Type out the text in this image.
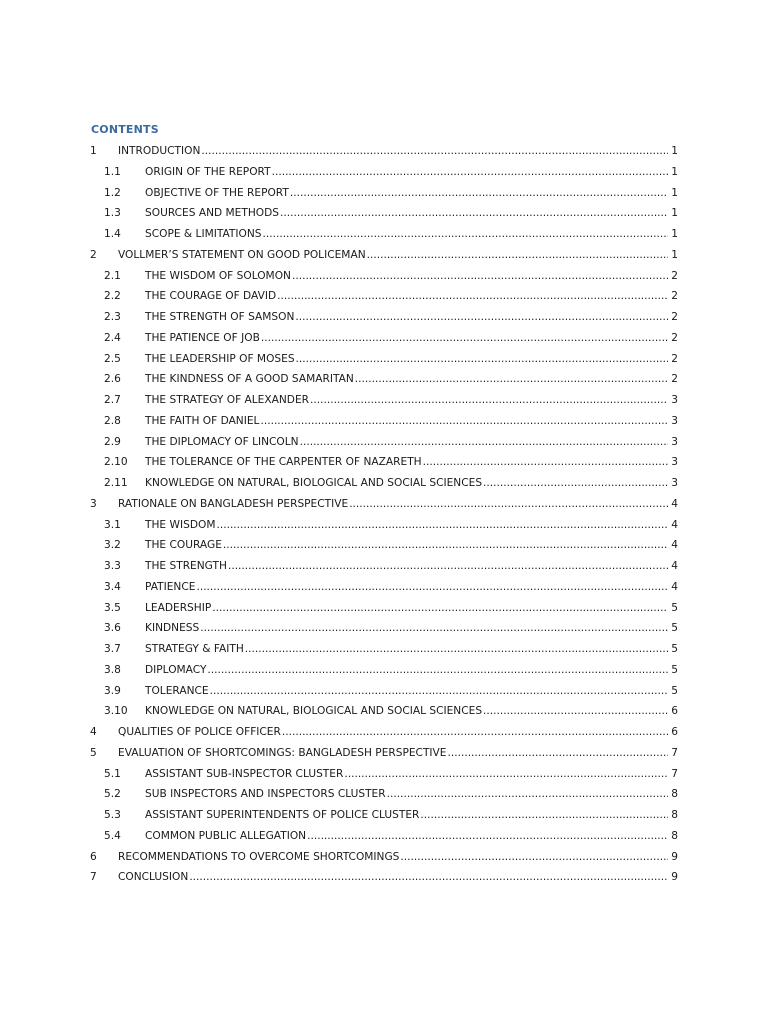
CONTENTS
1	INTRODUCTION .....	1
1.1	ORIGIN OF THE REPORT .....	1
1.2	OBJECTIVE OF THE REPORT .....	1
1.3	SOURCES AND METHODS .....	1
1.4	SCOPE & LIMITATIONS .....	1
2	VOLLMER’S STATEMENT ON GOOD POLICEMAN .....	1
2.1	THE WISDOM OF SOLOMON .....	2
2.2	THE COURAGE OF DAVID .....	2
2.3	THE STRENGTH OF SAMSON .....	2
2.4	THE PATIENCE OF JOB .....	2
2.5	THE LEADERSHIP OF MOSES .....	2
2.6	THE KINDNESS OF A GOOD SAMARITAN .....	2
2.7	THE STRATEGY OF ALEXANDER .....	3
2.8	THE FAITH OF DANIEL .....	3
2.9	THE DIPLOMACY OF LINCOLN .....	3
2.10	THE TOLERANCE OF THE CARPENTER OF NAZARETH .....	3
2.11	KNOWLEDGE ON NATURAL, BIOLOGICAL AND SOCIAL SCIENCES .....	3
3	RATIONALE ON BANGLADESH PERSPECTIVE .....	4
3.1	THE WISDOM .....	4
3.2	THE COURAGE .....	4
3.3	THE STRENGTH .....	4
3.4	PATIENCE .....	4
3.5	LEADERSHIP .....	5
3.6	KINDNESS .....	5
3.7	STRATEGY & FAITH .....	5
3.8	DIPLOMACY .....	5
3.9	TOLERANCE .....	5
3.10	KNOWLEDGE ON NATURAL, BIOLOGICAL AND SOCIAL SCIENCES .....	6
4	QUALITIES OF POLICE OFFICER .....	6
5	EVALUATION OF SHORTCOMINGS: BANGLADESH PERSPECTIVE .....	7
5.1	ASSISTANT SUB-INSPECTOR CLUSTER .....	7
5.2	SUB INSPECTORS AND INSPECTORS CLUSTER .....	8
5.3	ASSISTANT SUPERINTENDENTS OF POLICE CLUSTER .....	8
5.4	COMMON PUBLIC ALLEGATION .....	8
6	RECOMMENDATIONS TO OVERCOME SHORTCOMINGS .....	9
7	CONCLUSION .....	9
